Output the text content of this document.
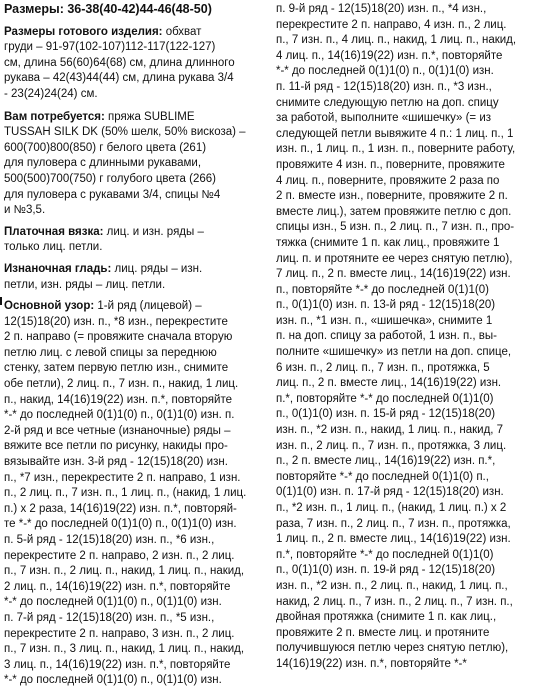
Размеры: 36-38(40-42)44-46(48-50)
Размеры готового изделия: обхват
груди – 91-97(102-107)112-117(122-127)
см, длина 56(60)64(68) см, длина длинного
рукава – 42(43)44(44) см, длина рукава 3/4
- 23(24)24(24) см.
Вам потребуется: пряжа SUBLIME
TUSSAH SILK DK (50% шелк, 50% вискоза) –
600(700)800(850) г белого цвета (261)
для пуловера с длинными рукавами,
500(500)700(750) г голубого цвета (266)
для пуловера с рукавами 3/4, спицы №4
и №3,5.
Платочная вязка: лиц. и изн. ряды –
только лиц. петли.
Изнаночная гладь: лиц. ряды – изн.
петли, изн. ряды – лиц. петли.
Основной узор: 1-й ряд (лицевой) –
12(15)18(20) изн. п., *8 изн., перекрестите
2 п. направо (= провяжите сначала вторую
петлю лиц. с левой спицы за переднюю
стенку, затем первую петлю изн., снимите
обе петли), 2 лиц. п., 7 изн. п., накид, 1 лиц.
п., накид, 14(16)19(22) изн. п.*, повторяйте
*-* до последней 0(1)1(0) п., 0(1)1(0) изн. п.
2-й ряд и все четные (изнаночные) ряды –
вяжите все петли по рисунку, накиды про-
вязывайте изн. 3-й ряд - 12(15)18(20) изн.
п., *7 изн., перекрестите 2 п. направо, 1 изн.
п., 2 лиц. п., 7 изн. п., 1 лиц. п., (накид, 1 лиц.
п.) х 2 раза, 14(16)19(22) изн. п.*, повторяй-
те *-* до последней 0(1)1(0) п., 0(1)1(0) изн.
п. 5-й ряд - 12(15)18(20) изн. п., *6 изн.,
перекрестите 2 п. направо, 2 изн. п., 2 лиц.
п., 7 изн. п., 2 лиц. п., накид, 1 лиц. п., накид,
2 лиц. п., 14(16)19(22) изн. п.*, повторяйте
*-* до последней 0(1)1(0) п., 0(1)1(0) изн.
п. 7-й ряд - 12(15)18(20) изн. п., *5 изн.,
перекрестите 2 п. направо, 3 изн. п., 2 лиц.
п., 7 изн. п., 3 лиц. п., накид, 1 лиц. п., накид,
3 лиц. п., 14(16)19(22) изн. п.*, повторяйте
*-* до последней 0(1)1(0) п., 0(1)1(0) изн.
п. 9-й ряд - 12(15)18(20) изн. п., *4 изн.,
перекрестите 2 п. направо, 4 изн. п., 2 лиц.
п., 7 изн. п., 4 лиц. п., накид, 1 лиц. п., накид,
4 лиц. п., 14(16)19(22) изн. п.*, повторяйте
*-* до последней 0(1)1(0) п., 0(1)1(0) изн.
п. 11-й ряд - 12(15)18(20) изн. п., *3 изн.,
снимите следующую петлю на доп. спицу
за работой, выполните «шишечку» (= из
следующей петли вывяжите 4 п.: 1 лиц. п., 1
изн. п., 1 лиц. п., 1 изн. п., поверните работу,
провяжите 4 изн. п., поверните, провяжите
4 лиц. п., поверните, провяжите 2 раза по
2 п. вместе изн., поверните, провяжите 2 п.
вместе лиц.), затем провяжите петлю с доп.
спицы изн., 5 изн. п., 2 лиц. п., 7 изн. п., про-
тяжка (снимите 1 п. как лиц., провяжите 1
лиц. п. и протяните ее через снятую петлю),
7 лиц. п., 2 п. вместе лиц., 14(16)19(22) изн.
п., повторяйте *-* до последней 0(1)1(0)
п., 0(1)1(0) изн. п. 13-й ряд - 12(15)18(20)
изн. п., *1 изн. п., «шишечка», снимите 1
п. на доп. спицу за работой, 1 изн. п., вы-
полните «шишечку» из петли на доп. спице,
6 изн. п., 2 лиц. п., 7 изн. п., протяжка, 5
лиц. п., 2 п. вместе лиц., 14(16)19(22) изн.
п.*, повторяйте *-* до последней 0(1)1(0)
п., 0(1)1(0) изн. п. 15-й ряд - 12(15)18(20)
изн. п., *2 изн. п., накид, 1 лиц. п., накид, 7
изн. п., 2 лиц. п., 7 изн. п., протяжка, 3 лиц.
п., 2 п. вместе лиц., 14(16)19(22) изн. п.*,
повторяйте *-* до последней 0(1)1(0) п.,
0(1)1(0) изн. п. 17-й ряд - 12(15)18(20) изн.
п., *2 изн. п., 1 лиц. п., (накид, 1 лиц. п.) х 2
раза, 7 изн. п., 2 лиц. п., 7 изн. п., протяжка,
1 лиц. п., 2 п. вместе лиц., 14(16)19(22) изн.
п.*, повторяйте *-* до последней 0(1)1(0)
п., 0(1)1(0) изн. п. 19-й ряд - 12(15)18(20)
изн. п., *2 изн. п., 2 лиц. п., накид, 1 лиц. п.,
накид, 2 лиц. п., 7 изн. п., 2 лиц. п., 7 изн. п.,
двойная протяжка (снимите 1 п. как лиц.,
провяжите 2 п. вместе лиц. и протяните
получившуюся петлю через снятую петлю),
14(16)19(22) изн. п.*, повторяйте *-*
